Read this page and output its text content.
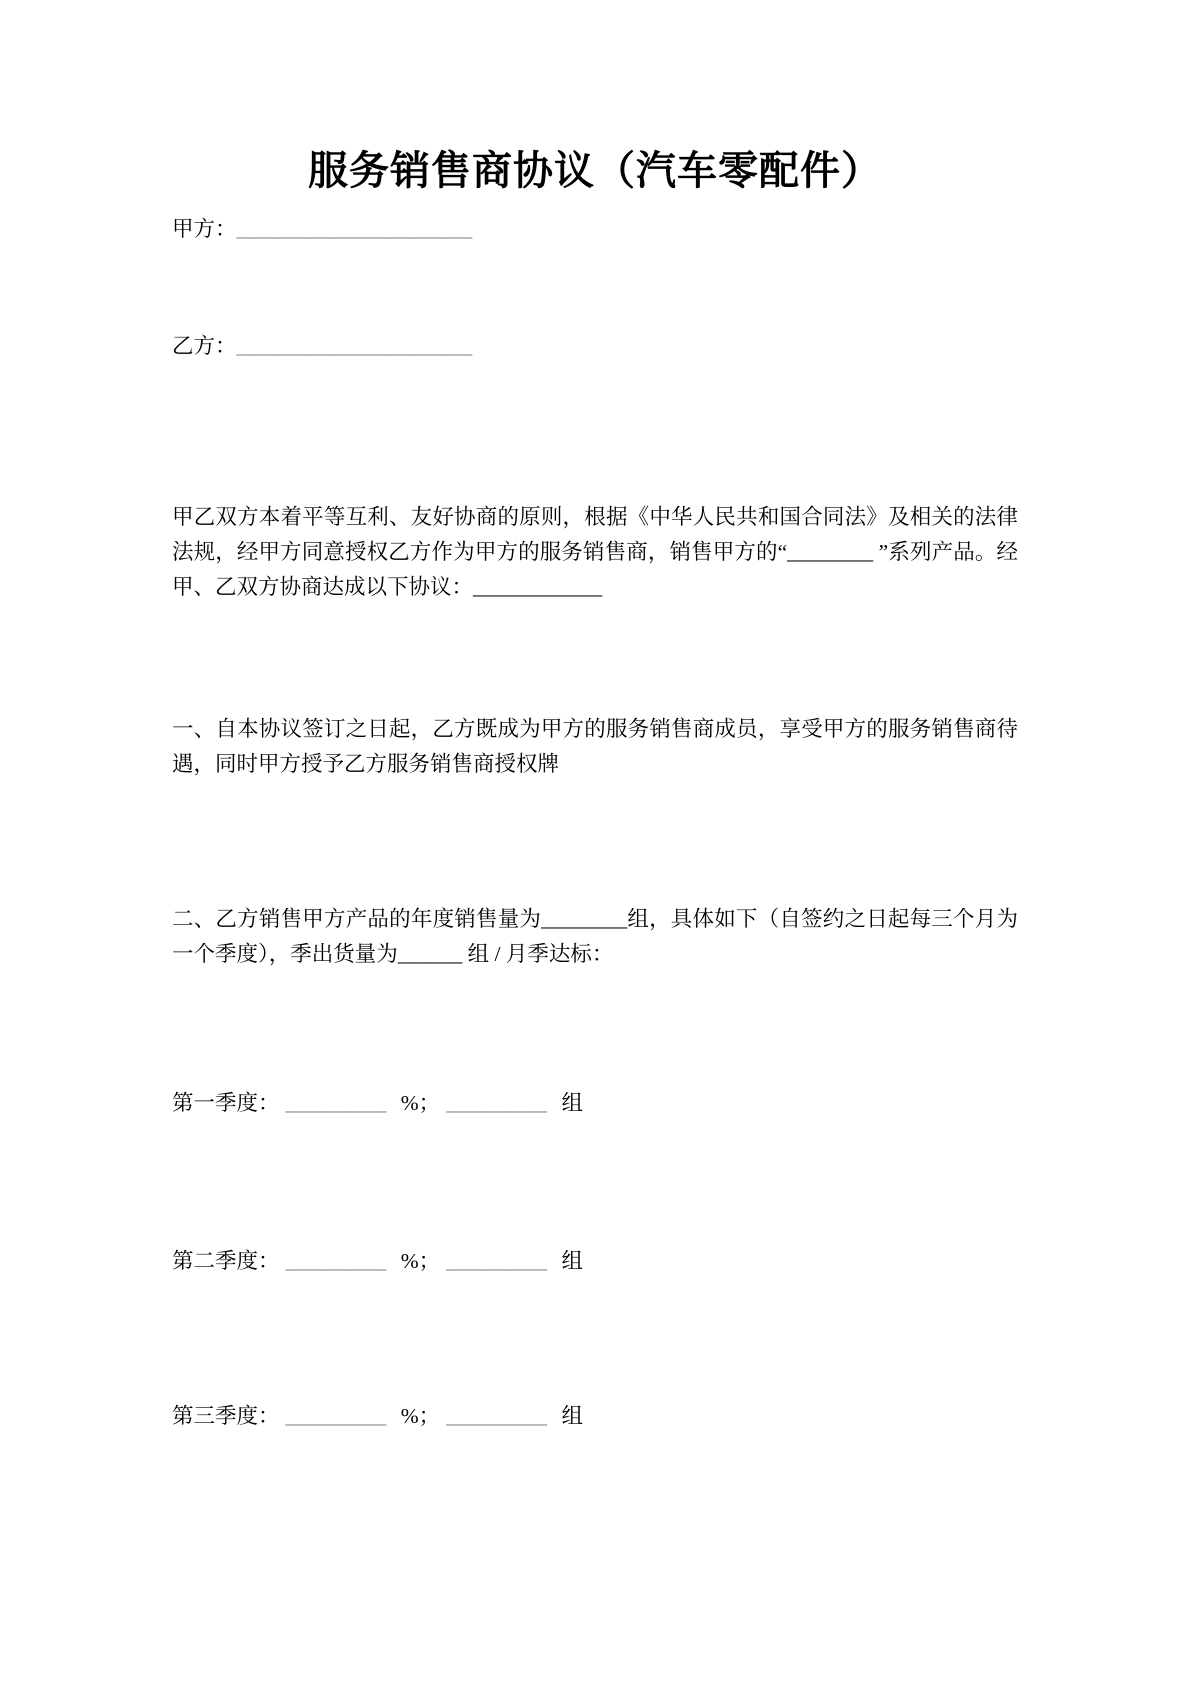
服务销售商协议（汽车零配件）
甲方：_____________________
乙方：_____________________

甲乙双方本着平等互利、友好协商的原则，根据《中华人民共和国合同法》及相关的法律法规，经甲方同意授权乙方作为甲方的服务销售商，销售甲方的“________ ”系列产品。经甲、乙双方协商达成以下协议：____________

一、自本协议签订之日起，乙方既成为甲方的服务销售商成员，享受甲方的服务销售商待遇，同时甲方授予乙方服务销售商授权牌

二、乙方销售甲方产品的年度销售量为________组，具体如下（自签约之日起每三个月为一个季度），季出货量为______ 组 / 月季达标：

第一季度： _________ %； _________ 组
第二季度： _________ %； _________ 组
第三季度： _________ %； _________ 组
